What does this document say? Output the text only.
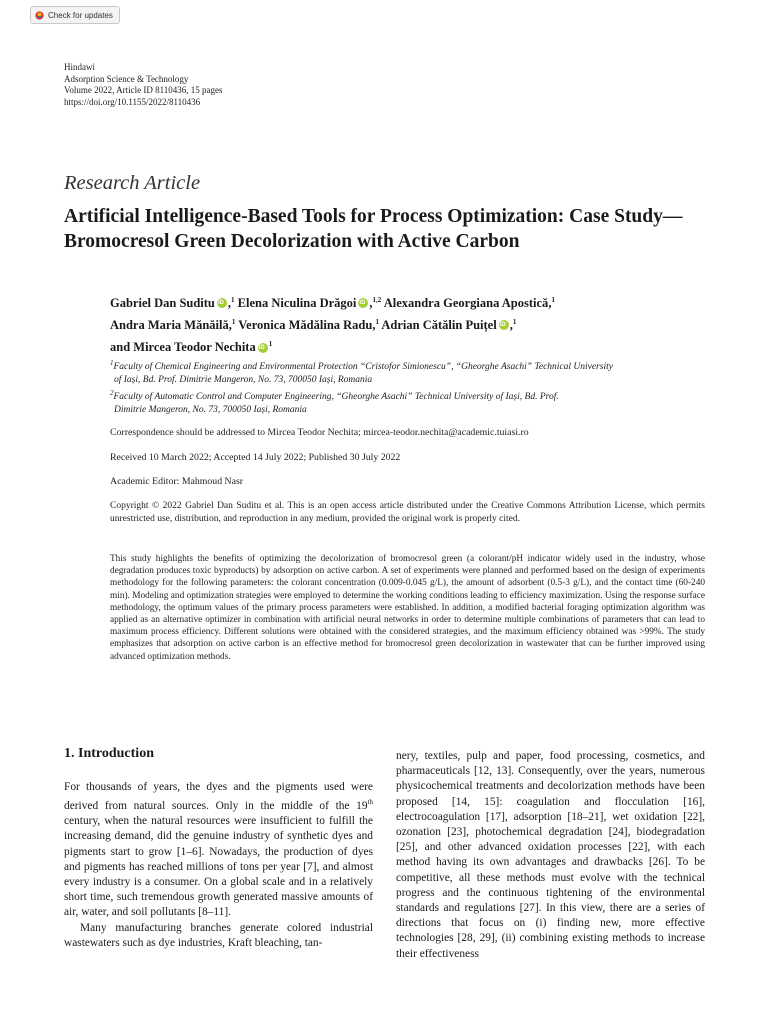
Check for updates
Hindawi
Adsorption Science & Technology
Volume 2022, Article ID 8110436, 15 pages
https://doi.org/10.1155/2022/8110436
Research Article
Artificial Intelligence-Based Tools for Process Optimization: Case Study—Bromocresol Green Decolorization with Active Carbon
Gabriel Dan Suditu iD ,$^1$ Elena Niculina Drăgoi iD ,$^{1,2}$ Alexandra Georgiana Apostică,$^1$
Andra Maria Mănăilă,$^1$ Veronica Mădălina Radu,$^1$ Adrian Cătălin Puițel iD ,$^1$
and Mircea Teodor Nechita iD $^1$
$^1$Faculty of Chemical Engineering and Environmental Protection “Cristofor Simionescu”, “Gheorghe Asachi” Technical University
of Iași, Bd. Prof. Dimitrie Mangeron, No. 73, 700050 Iași, Romania
$^2$Faculty of Automatic Control and Computer Engineering, “Gheorghe Asachi” Technical University of Iași, Bd. Prof.
Dimitrie Mangeron, No. 73, 700050 Iași, Romania
Correspondence should be addressed to Mircea Teodor Nechita; mircea-teodor.nechita@academic.tuiasi.ro
Received 10 March 2022; Accepted 14 July 2022; Published 30 July 2022
Academic Editor: Mahmoud Nasr
Copyright © 2022 Gabriel Dan Suditu et al. This is an open access article distributed under the Creative Commons Attribution License, which permits unrestricted use, distribution, and reproduction in any medium, provided the original work is properly cited.
This study highlights the benefits of optimizing the decolorization of bromocresol green (a colorant/pH indicator widely used in the industry, whose degradation produces toxic byproducts) by adsorption on active carbon. A set of experiments were planned and performed based on the design of experiments methodology for the following parameters: the colorant concentration (0.009-0.045 g/L), the amount of adsorbent (0.5-3 g/L), and the contact time (60-240 min). Modeling and optimization strategies were employed to determine the working conditions leading to efficiency maximization. Using the response surface methodology, the optimum values of the primary process parameters were established. In addition, a modified bacterial foraging optimization algorithm was applied as an alternative optimizer in combination with artificial neural networks in order to determine multiple combinations of parameters that can lead to maximum process efficiency. Different solutions were obtained with the considered strategies, and the maximum efficiency obtained was >99%. The study emphasizes that adsorption on active carbon is an effective method for bromocresol green decolorization in wastewater that can be further improved using advanced optimization methods.
1. Introduction

For thousands of years, the dyes and the pigments used were derived from natural sources. Only in the middle of the 19th century, when the natural resources were insufficient to fulfill the increasing demand, did the genuine industry of synthetic dyes and pigments start to grow [1–6]. Nowadays, the production of dyes and pigments has reached millions of tons per year [7], and almost every industry is a consumer. On a global scale and in a relatively short time, such tremendous growth generated massive amounts of air, water, and soil pollutants [8–11].

Many manufacturing branches generate colored industrial wastewaters such as dye industries, Kraft bleaching, tan-

nery, textiles, pulp and paper, food processing, cosmetics, and pharmaceuticals [12, 13]. Consequently, over the years, numerous physicochemical treatments and decolorization methods have been proposed [14, 15]: coagulation and flocculation [16], electrocoagulation [17], adsorption [18–21], wet oxidation [22], ozonation [23], photochemical degradation [24], biodegradation [25], and other advanced oxidation processes [22], with each method having its own advantages and drawbacks [26]. To be competitive, all these methods must evolve with the technical progress and the continuous tightening of the environmental standards and regulations [27]. In this view, there are a series of directions that focus on (i) finding new, more effective technologies [28, 29], (ii) combining existing methods to increase their effectiveness
